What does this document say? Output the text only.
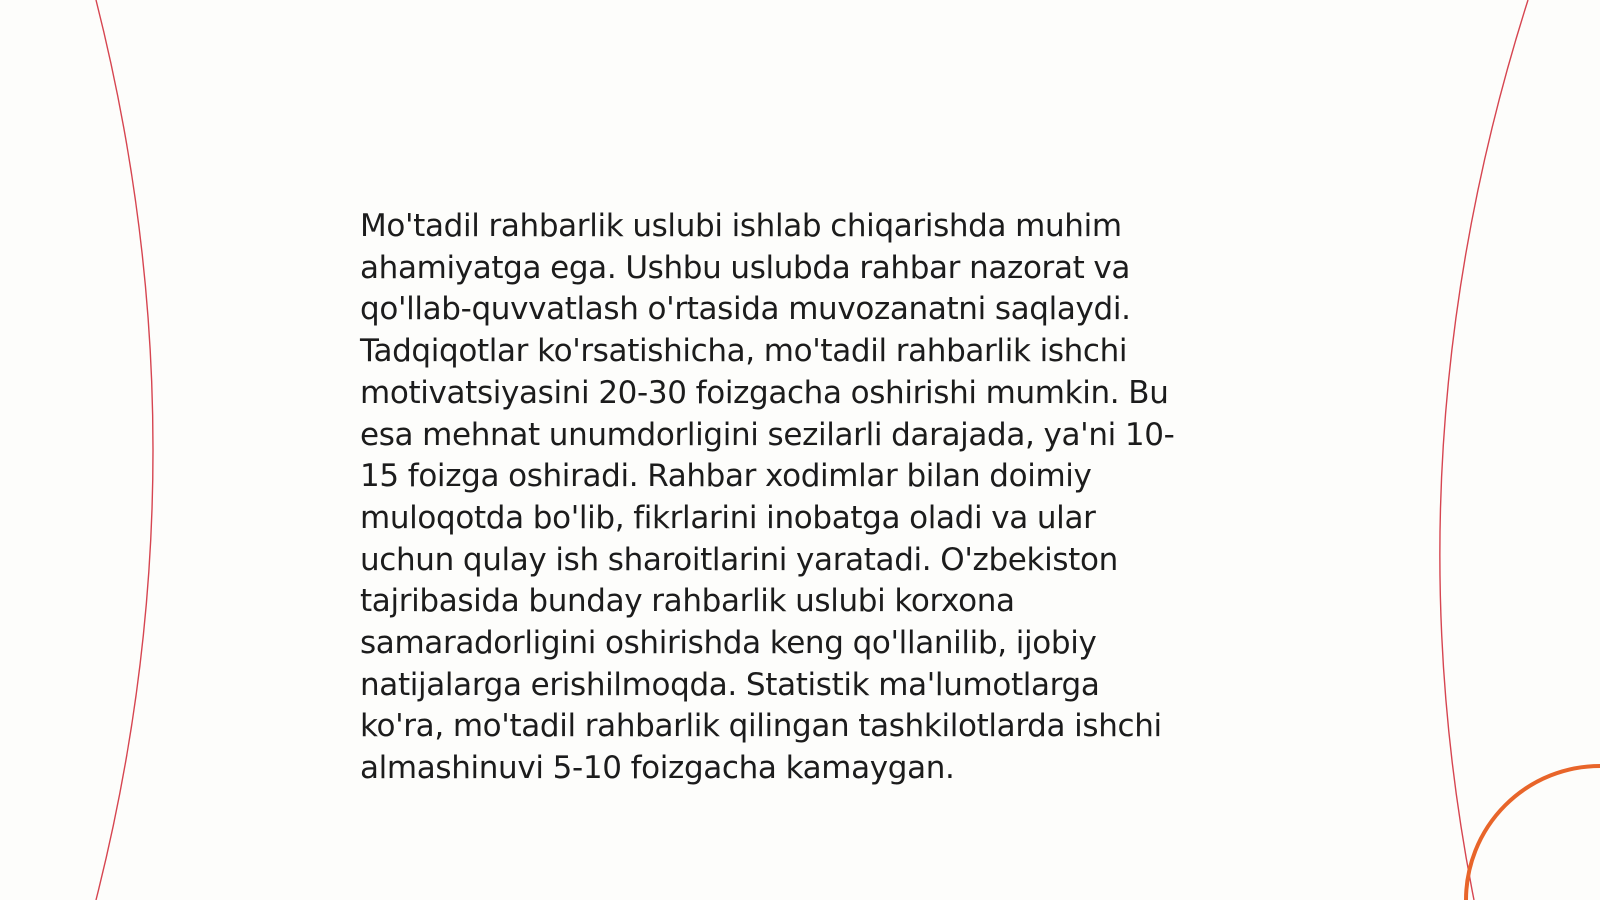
Mo'tadil rahbarlik uslubi ishlab chiqarishda muhim
ahamiyatga ega. Ushbu uslubda rahbar nazorat va
qo'llab-quvvatlash o'rtasida muvozanatni saqlaydi.
Tadqiqotlar ko'rsatishicha, mo'tadil rahbarlik ishchi
motivatsiyasini 20-30 foizgacha oshirishi mumkin. Bu
esa mehnat unumdorligini sezilarli darajada, ya'ni 10-
15 foizga oshiradi. Rahbar xodimlar bilan doimiy
muloqotda bo'lib, fikrlarini inobatga oladi va ular
uchun qulay ish sharoitlarini yaratadi. O'zbekiston
tajribasida bunday rahbarlik uslubi korxona
samaradorligini oshirishda keng qo'llanilib, ijobiy
natijalarga erishilmoqda. Statistik ma'lumotlarga
ko'ra, mo'tadil rahbarlik qilingan tashkilotlarda ishchi
almashinuvi 5-10 foizgacha kamaygan.
